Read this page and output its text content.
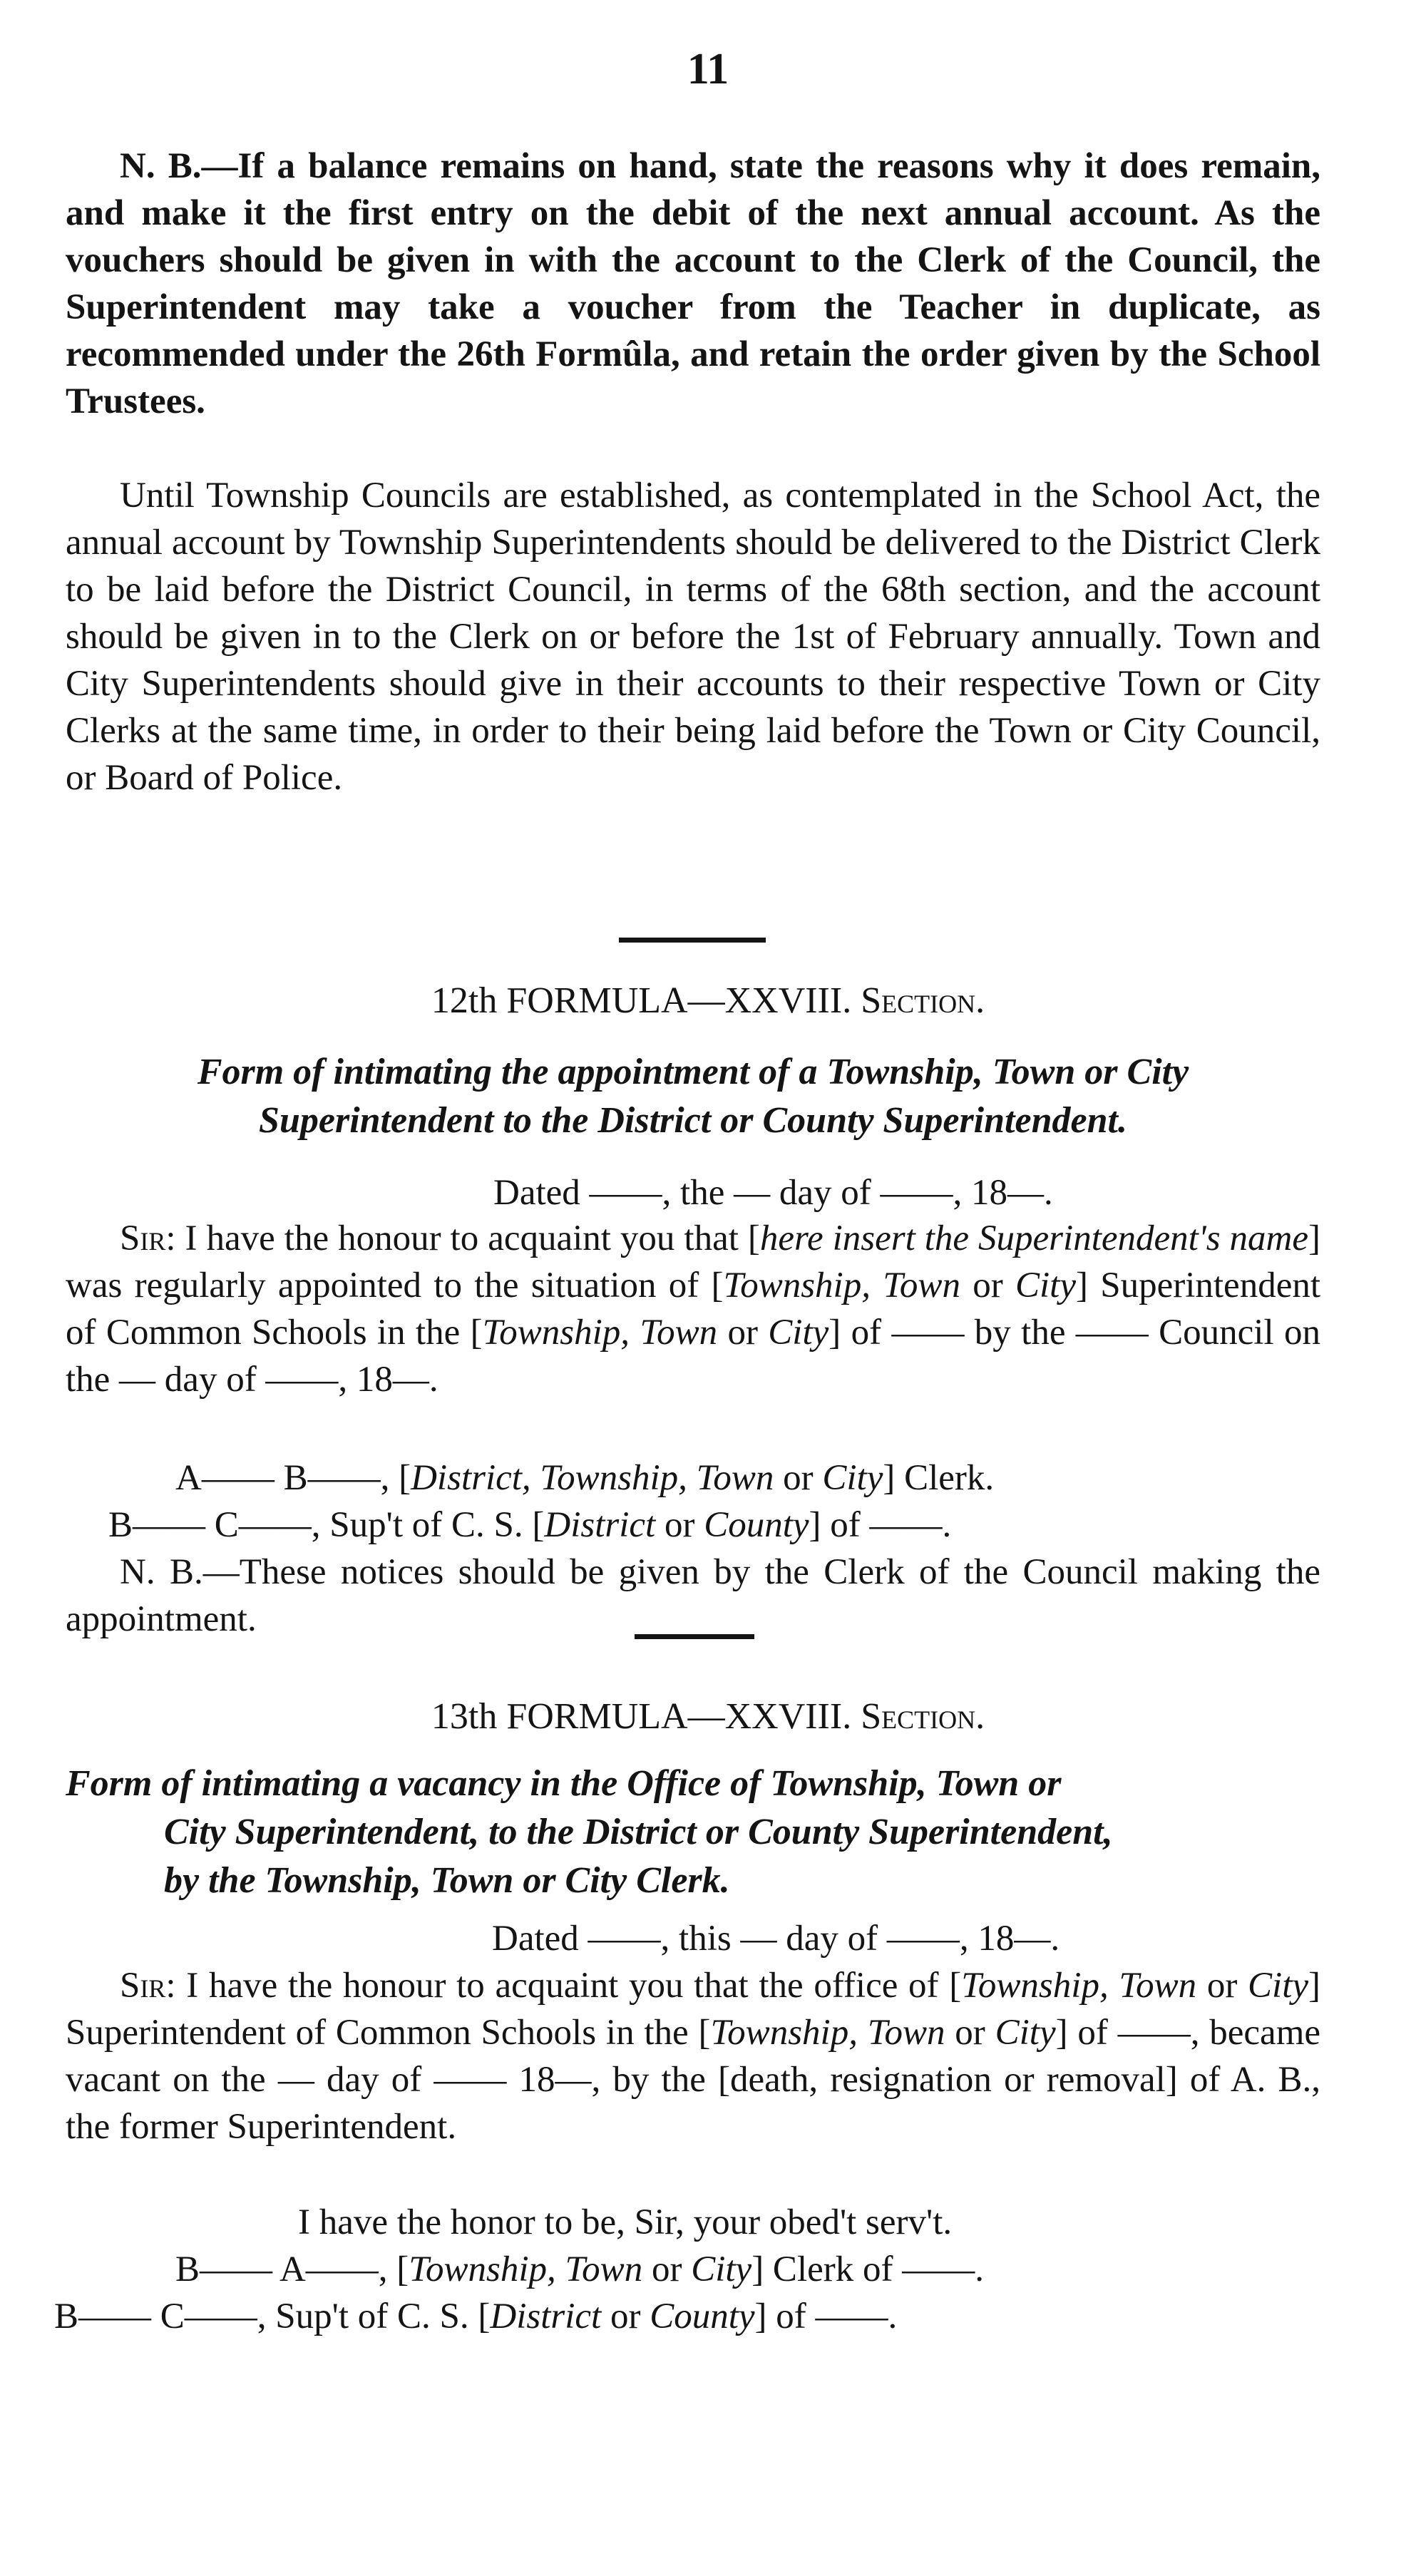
11

N. B.—If a balance remains on hand, state the reasons why it does remain, and make it the first entry on the debit of the next annual account. As the vouchers should be given in with the account to the Clerk of the Council, the Superintendent may take a voucher from the Teacher in duplicate, as recommended under the 26th Formûla, and retain the order given by the School Trustees.

Until Township Councils are established, as contemplated in the School Act, the annual account by Township Superintendents should be delivered to the District Clerk to be laid before the District Council, in terms of the 68th section, and the account should be given in to the Clerk on or before the 1st of February annually. Town and City Superintendents should give in their accounts to their respective Town or City Clerks at the same time, in order to their being laid before the Town or City Council, or Board of Police.

12th FORMULA—XXVIII. Section.
Form of intimating the appointment of a Township, Town or City
Superintendent to the District or County Superintendent.
Dated ——, the — day of ——, 18—.

Sir: I have the honour to acquaint you that [here insert the Superintendent's name] was regularly appointed to the situation of [Township, Town or City] Superintendent of Common Schools in the [Township, Town or City] of —— by the —— Council on the — day of ——, 18—.

A—— B——, [District, Township, Town or City] Clerk.
B—— C——, Sup't of C. S. [District or County] of ——.

N. B.—These notices should be given by the Clerk of the Council making the appointment.

13th FORMULA—XXVIII. Section.
Form of intimating a vacancy in the Office of Township, Town or
City Superintendent, to the District or County Superintendent,
by the Township, Town or City Clerk.
Dated ——, this — day of ——, 18—.

Sir: I have the honour to acquaint you that the office of [Township, Town or City] Superintendent of Common Schools in the [Township, Town or City] of ——, became vacant on the — day of —— 18—, by the [death, resignation or removal] of A. B., the former Superintendent.

I have the honor to be, Sir, your obed't serv't.
B—— A——, [Township, Town or City] Clerk of ——.
B—— C——, Sup't of C. S. [District or County] of ——.
